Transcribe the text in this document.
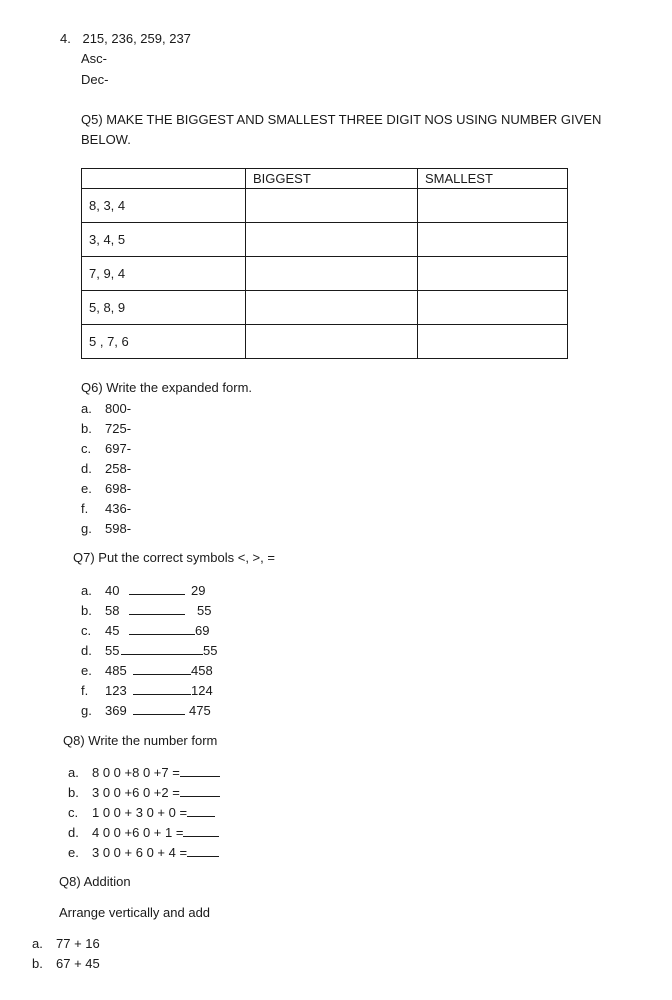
4. 215, 236, 259, 237
Asc-
Dec-
Q5) MAKE THE BIGGEST AND SMALLEST THREE DIGIT NOS USING NUMBER GIVEN
BELOW.
	BIGGEST	SMALLEST
8, 3, 4		
3, 4, 5		
7, 9, 4		
5, 8, 9		
5 , 7, 6		
Q6) Write the expanded form.
a. 800-
b. 725-
c. 697-
d. 258-
e. 698-
f. 436-
g. 598-
Q7) Put the correct symbols <, >, =
a. 40	29
b. 58	55
c. 45	69
d. 55	55
e. 485	458
f. 123	124
g. 369	475
Q8) Write the number form
a. 8 0 0 +8 0 +7 =
b. 3 0 0 +6 0 +2 =
c. 1 0 0 + 3 0 + 0 =
d. 4 0 0 +6 0 + 1 =
e. 3 0 0 + 6 0 + 4 =
Q8) Addition
Arrange vertically and add
a. 77 + 16
b. 67 + 45
